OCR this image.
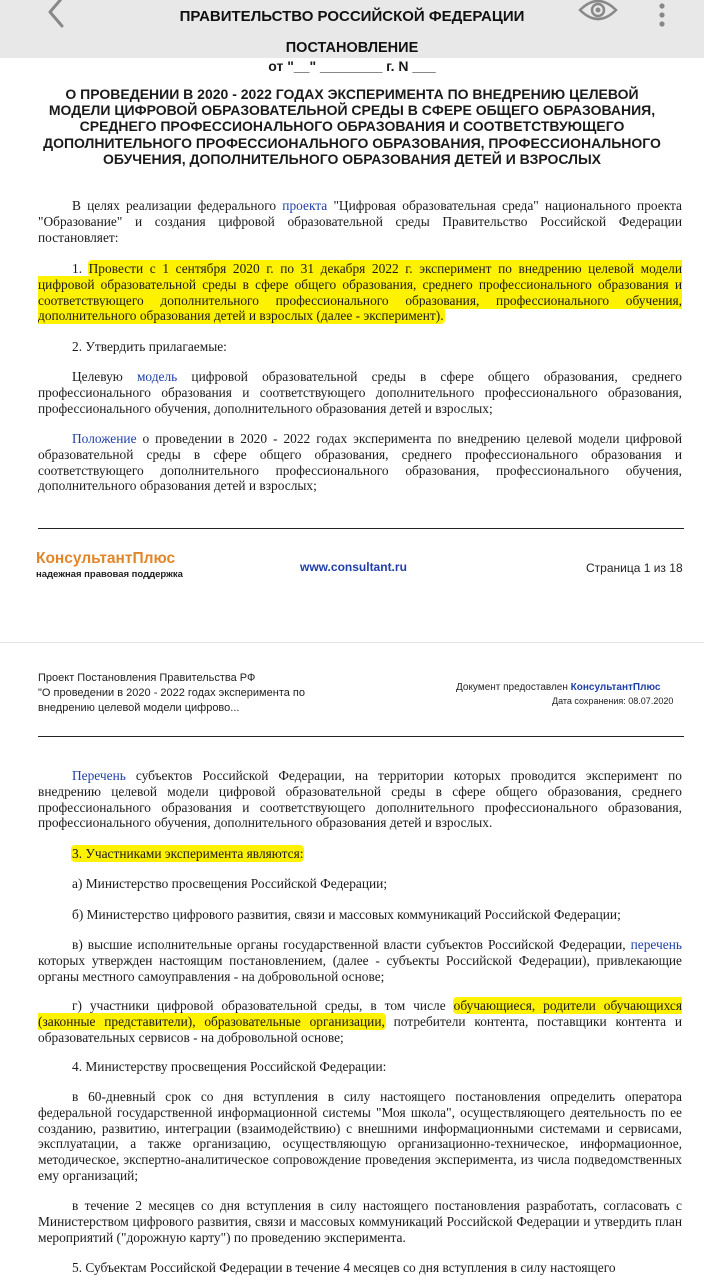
ПРАВИТЕЛЬСТВО РОССИЙСКОЙ ФЕДЕРАЦИИ
ПОСТАНОВЛЕНИЕ
от "__" ________ г. N ___
О ПРОВЕДЕНИИ В 2020 - 2022 ГОДАХ ЭКСПЕРИМЕНТА ПО ВНЕДРЕНИЮ ЦЕЛЕВОЙ МОДЕЛИ ЦИФРОВОЙ ОБРАЗОВАТЕЛЬНОЙ СРЕДЫ В СФЕРЕ ОБЩЕГО ОБРАЗОВАНИЯ, СРЕДНЕГО ПРОФЕССИОНАЛЬНОГО ОБРАЗОВАНИЯ И СООТВЕТСТВУЮЩЕГО ДОПОЛНИТЕЛЬНОГО ПРОФЕССИОНАЛЬНОГО ОБРАЗОВАНИЯ, ПРОФЕССИОНАЛЬНОГО ОБУЧЕНИЯ, ДОПОЛНИТЕЛЬНОГО ОБРАЗОВАНИЯ ДЕТЕЙ И ВЗРОСЛЫХ
В целях реализации федерального проекта "Цифровая образовательная среда" национального проекта "Образование" и создания цифровой образовательной среды Правительство Российской Федерации постановляет:
1. Провести с 1 сентября 2020 г. по 31 декабря 2022 г. эксперимент по внедрению целевой модели цифровой образовательной среды в сфере общего образования, среднего профессионального образования и соответствующего дополнительного профессионального образования, профессионального обучения, дополнительного образования детей и взрослых (далее - эксперимент).
2. Утвердить прилагаемые:
Целевую модель цифровой образовательной среды в сфере общего образования, среднего профессионального образования и соответствующего дополнительного профессионального образования, профессионального обучения, дополнительного образования детей и взрослых;
Положение о проведении в 2020 - 2022 годах эксперимента по внедрению целевой модели цифровой образовательной среды в сфере общего образования, среднего профессионального образования и соответствующего дополнительного профессионального образования, профессионального обучения, дополнительного образования детей и взрослых;
КонсультантПлюс
надежная правовая поддержка
www.consultant.ru	Страница 1 из 18
Проект Постановления Правительства РФ
"О проведении в 2020 - 2022 годах эксперимента по
внедрению целевой модели цифрово...
Документ предоставлен КонсультантПлюс
Дата сохранения: 08.07.2020
Перечень субъектов Российской Федерации, на территории которых проводится эксперимент по внедрению целевой модели цифровой образовательной среды в сфере общего образования, среднего профессионального образования и соответствующего дополнительного профессионального образования, профессионального обучения, дополнительного образования детей и взрослых.
3. Участниками эксперимента являются:
а) Министерство просвещения Российской Федерации;
б) Министерство цифрового развития, связи и массовых коммуникаций Российской Федерации;
в) высшие исполнительные органы государственной власти субъектов Российской Федерации, перечень которых утвержден настоящим постановлением, (далее - субъекты Российской Федерации), привлекающие органы местного самоуправления - на добровольной основе;
г) участники цифровой образовательной среды, в том числе обучающиеся, родители обучающихся (законные представители), образовательные организации, потребители контента, поставщики контента и образовательных сервисов - на добровольной основе;
4. Министерству просвещения Российской Федерации:
в 60-дневный срок со дня вступления в силу настоящего постановления определить оператора федеральной государственной информационной системы "Моя школа", осуществляющего деятельность по ее созданию, развитию, интеграции (взаимодействию) с внешними информационными системами и сервисами, эксплуатации, а также организацию, осуществляющую организационно-техническое, информационное, методическое, экспертно-аналитическое сопровождение проведения эксперимента, из числа подведомственных ему организаций;
в течение 2 месяцев со дня вступления в силу настоящего постановления разработать, согласовать с Министерством цифрового развития, связи и массовых коммуникаций Российской Федерации и утвердить план мероприятий ("дорожную карту") по проведению эксперимента.
5. Субъектам Российской Федерации в течение 4 месяцев со дня вступления в силу настоящего
